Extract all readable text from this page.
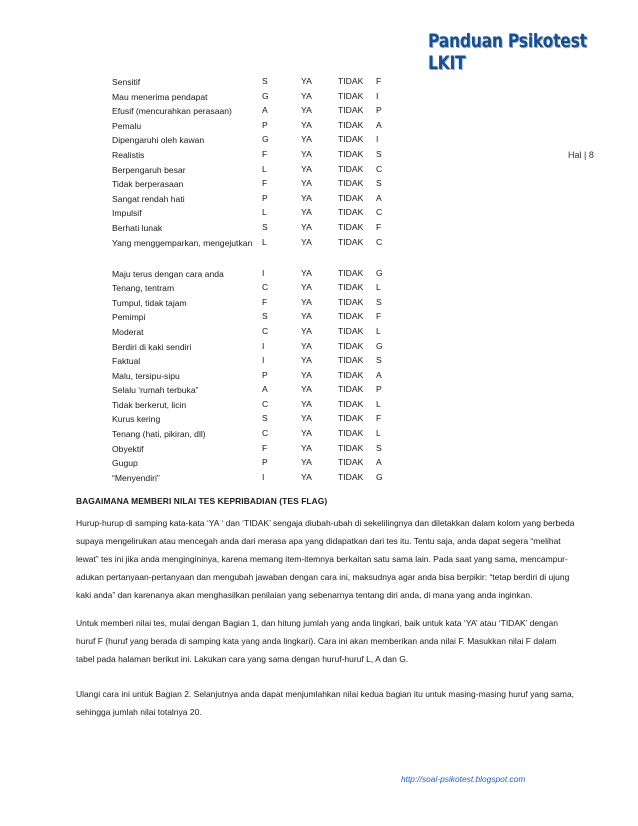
Panduan Psikotest LKIT
Hal | 8
Sensitif	S	YA	TIDAK F
Mau menerima pendapat	G	YA	TIDAK I
Efusif (mencurahkan perasaan)	A	YA	TIDAK P
Pemalu	P	YA	TIDAK A
Dipengaruhi oleh kawan	G	YA	TIDAK I
Realistis	F	YA	TIDAK S
Berpengaruh besar	L	YA	TIDAK C
Tidak berperasaan	F	YA	TIDAK S
Sangat rendah hati	P	YA	TIDAK A
Impulsif	L	YA	TIDAK C
Berhati lunak	S	YA	TIDAK F
Yang menggemparkan, mengejutkan	L	YA	TIDAK C
Maju terus dengan cara anda	I	YA	TIDAK G
Tenang, tentram	C	YA	TIDAK L
Tumpul, tidak tajam	F	YA	TIDAK S
Pemimpi	S	YA	TIDAK F
Moderat	C	YA	TIDAK L
Berdiri di kaki sendiri	I	YA	TIDAK G
Faktual	I	YA	TIDAK S
Malu, tersipu-sipu	P	YA	TIDAK A
Selalu ‘rumah terbuka”	A	YA	TIDAK P
Tidak berkerut, licin	C	YA	TIDAK L
Kurus kering	S	YA	TIDAK F
Tenang (hati, pikiran, dll)	C	YA	TIDAK L
Obyektif	F	YA	TIDAK S
Gugup	P	YA	TIDAK A
“Menyendiri”	I	YA	TIDAK G
BAGAIMANA MEMBERI NILAI TES KEPRIBADIAN (TES FLAG)

Hurup-hurup di samping kata-kata ‘YA ‘ dan ‘TIDAK’ sengaja diubah-ubah di sekelilingnya dan diletakkan dalam kolom yang berbeda supaya mengelirukan atau mencegah anda dari merasa apa yang didapatkan dari tes itu. Tentu saja, anda dapat segera “melihat lewat” tes ini jika anda mengingininya, karena memang item-itemnya berkaitan satu sama lain. Pada saat yang sama, mencampur-adukan pertanyaan-pertanyaan dan mengubah jawaban dengan cara ini, maksudnya agar anda bisa berpikir: “tetap berdiri di ujung kaki anda” dan karenanya akan menghasilkan penilaian yang sebenarnya tentang diri anda, di mana yang anda inginkan.

Untuk memberi nilai tes, mulai dengan Bagian 1, dan hitung jumlah yang anda lingkari, baik untuk kata ‘YA’ atau ‘TIDAK’ dengan huruf F (huruf yang berada di samping kata yang anda lingkari). Cara ini akan memberikan anda nilai F. Masukkan nilai F dalam tabel pada halaman berikut ini. Lakukan cara yang sama dengan huruf-huruf L, A dan G.

Ulangi cara ini untuk Bagian 2. Selanjutnya anda dapat menjumlahkan nilai kedua bagian itu untuk masing-masing huruf yang sama, sehingga jumlah nilai totalnya 20.

http://soal-psikotest.blogspot.com
